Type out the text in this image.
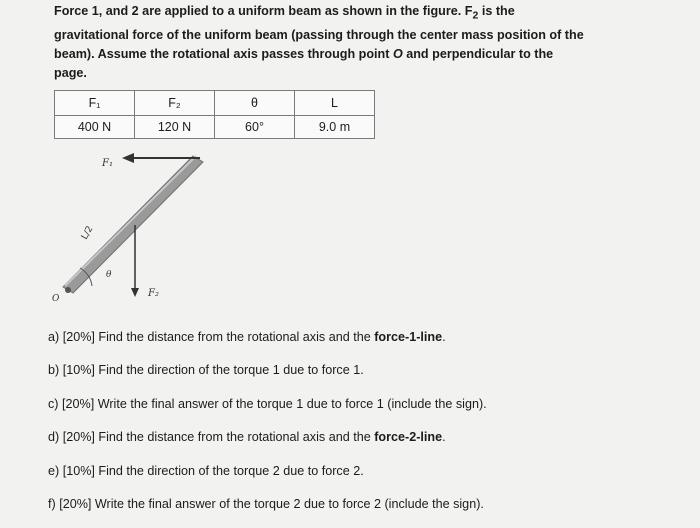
Force 1, and 2 are applied to a uniform beam as shown in the figure. $F_2$ is the gravitational force of the uniform beam (passing through the center mass position of the beam). Assume the rotational axis passes through point O and perpendicular to the page.
F₁	F₂	θ	L
400 N	120 N	60°	9.0 m
F₁
F₂
L/2
θ
O
a) [20%] Find the distance from the rotational axis and the force-1-line.
b) [10%] Find the direction of the torque 1 due to force 1.
c) [20%] Write the final answer of the torque 1 due to force 1 (include the sign).
d) [20%] Find the distance from the rotational axis and the force-2-line.
e) [10%] Find the direction of the torque 2 due to force 2.
f) [20%] Write the final answer of the torque 2 due to force 2 (include the sign).
